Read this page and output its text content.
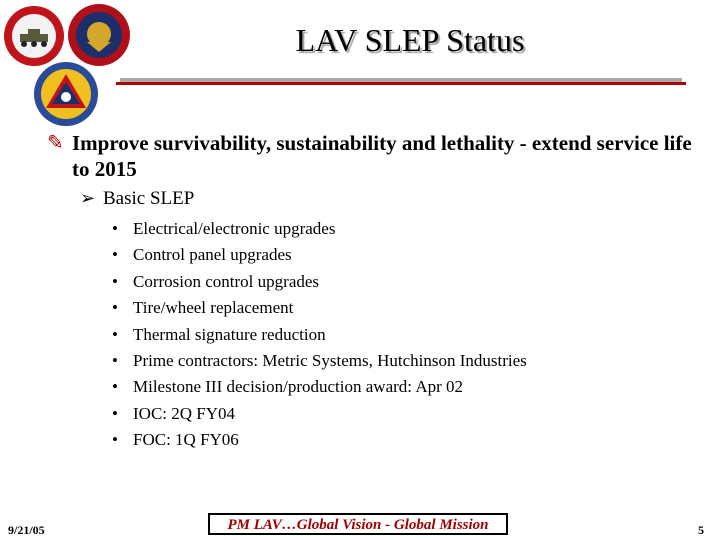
LAV SLEP Status
✎ Improve survivability, sustainability and lethality - extend service life to 2015
➢ Basic SLEP
• Electrical/electronic upgrades
• Control panel upgrades
• Corrosion control upgrades
• Tire/wheel replacement
• Thermal signature reduction
• Prime contractors: Metric Systems, Hutchinson Industries
• Milestone III decision/production award: Apr 02
• IOC: 2Q FY04
• FOC: 1Q FY06
9/21/05	PM LAV…Global Vision - Global Mission	5
